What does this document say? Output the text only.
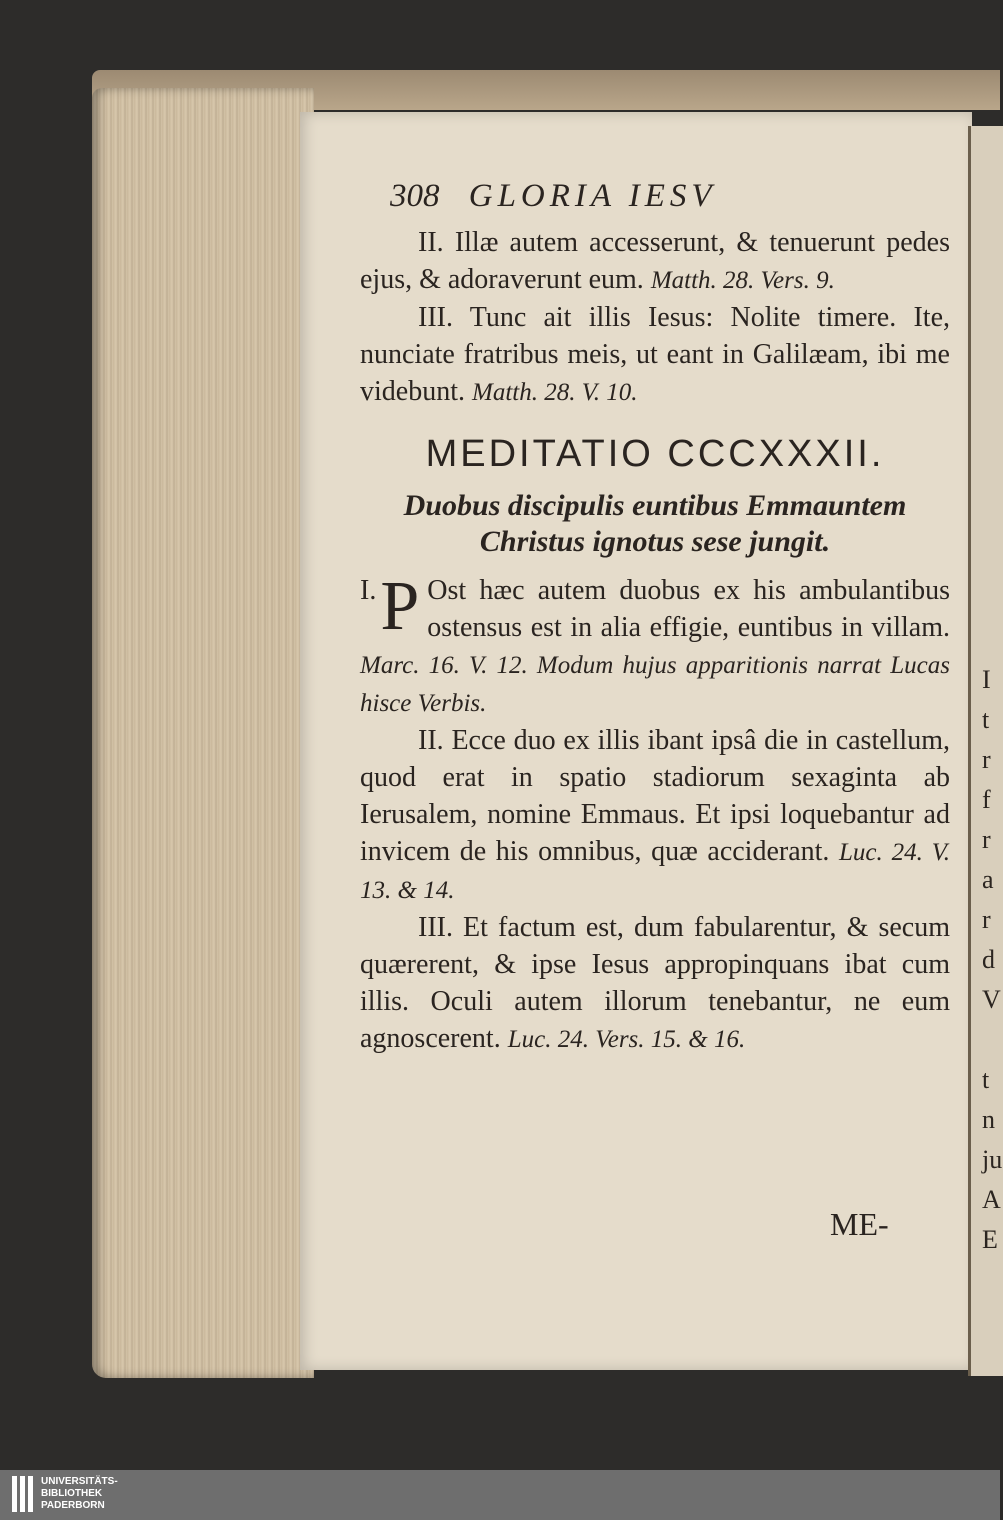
I
t
r
f
r
a
r
d
V

t
n
ju
A
E
308 GLORIA IESV

II. Illæ autem accesserunt, & tenuerunt pedes ejus, & adoraverunt eum. Matth. 28. Vers. 9.

III. Tunc ait illis Iesus: Nolite timere. Ite, nunciate fratribus meis, ut eant in Galilæam, ibi me videbunt. Matth. 28. V. 10.

MEDITATIO CCCXXXII.
Duobus discipulis euntibus Emmauntem Christus ignotus sese jungit.

I. P Ost hæc autem duobus ex his ambulantibus ostensus est in alia effigie, euntibus in villam. Marc. 16. V. 12. Modum hujus apparitionis narrat Lucas hisce Verbis.

II. Ecce duo ex illis ibant ipsâ die in castellum, quod erat in spatio stadiorum sexaginta ab Ierusalem, nomine Emmaus. Et ipsi loquebantur ad invicem de his omnibus, quæ acciderant. Luc. 24. V. 13. & 14.

III. Et factum est, dum fabularentur, & secum quærerent, & ipse Iesus appropinquans ibat cum illis. Oculi autem illorum tenebantur, ne eum agnoscerent. Luc. 24. Vers. 15. & 16.

ME-
UNIVERSITÄTS-
BIBLIOTHEK
PADERBORN
